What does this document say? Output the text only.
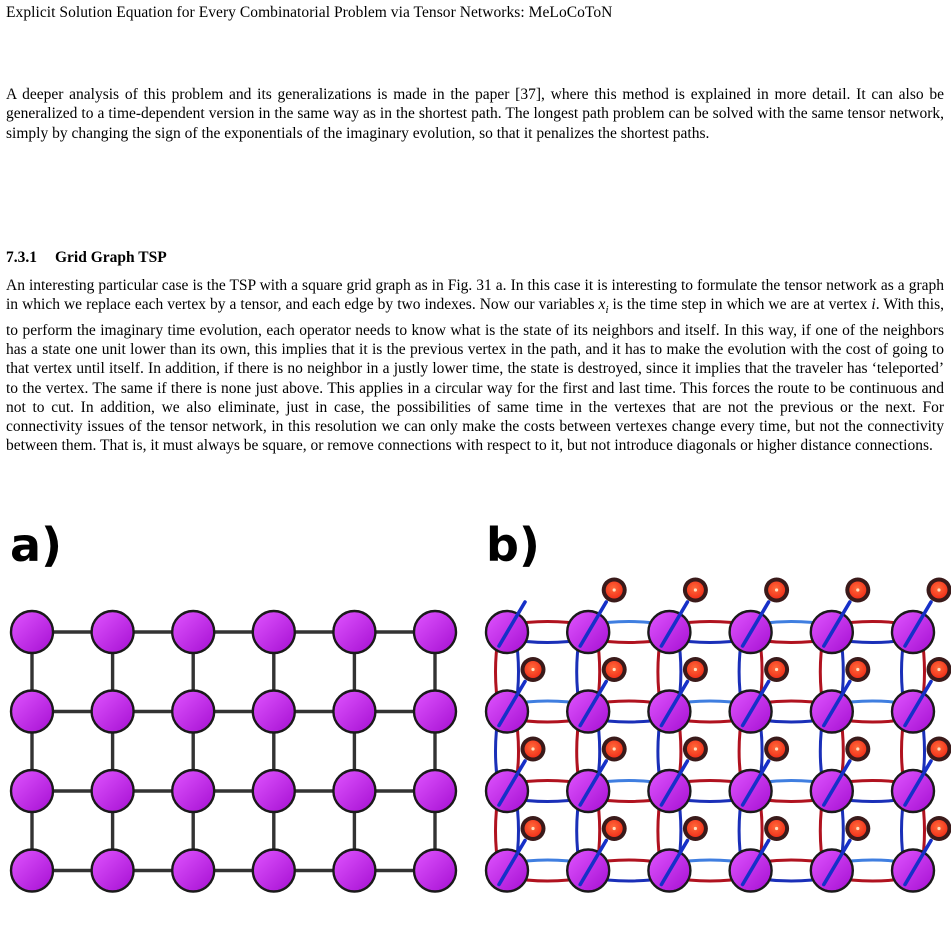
Explicit Solution Equation for Every Combinatorial Problem via Tensor Networks: MeLoCoToN

A deeper analysis of this problem and its generalizations is made in the paper [37], where this method is explained in more detail. It can also be generalized to a time-dependent version in the same way as in the shortest path. The longest path problem can be solved with the same tensor network, simply by changing the sign of the exponentials of the imaginary evolution, so that it penalizes the shortest paths.

7.3.1 Grid Graph TSP

An interesting particular case is the TSP with a square grid graph as in Fig. 31 a. In this case it is interesting to formulate the tensor network as a graph in which we replace each vertex by a tensor, and each edge by two indexes. Now our variables $x_i$ is the time step in which we are at vertex i. With this, to perform the imaginary time evolution, each operator needs to know what is the state of its neighbors and itself. In this way, if one of the neighbors has a state one unit lower than its own, this implies that it is the previous vertex in the path, and it has to make the evolution with the cost of going to that vertex until itself. In addition, if there is no neighbor in a justly lower time, the state is destroyed, since it implies that the traveler has ‘teleported’ to the vertex. The same if there is none just above. This applies in a circular way for the first and last time. This forces the route to be continuous and not to cut. In addition, we also eliminate, just in case, the possibilities of same time in the vertexes that are not the previous or the next. For connectivity issues of the tensor network, in this resolution we can only make the costs between vertexes change every time, but not the connectivity between them. That is, it must always be square, or remove connections with respect to it, but not introduce diagonals or higher distance connections.

a)	b)
